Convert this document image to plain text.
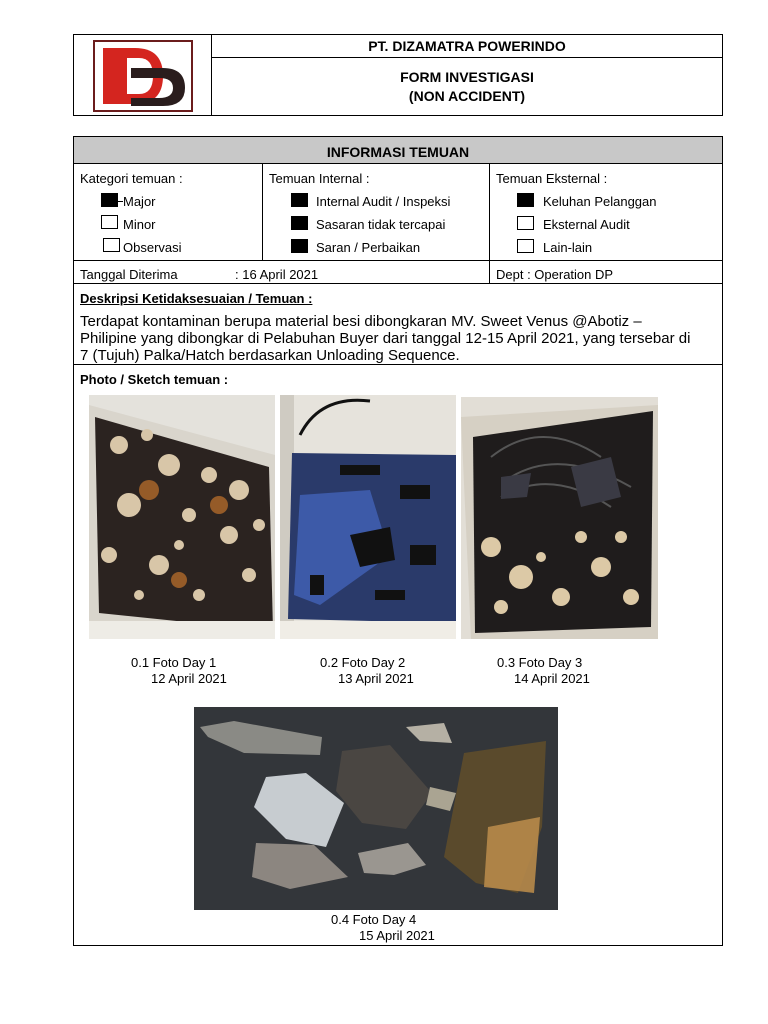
PT. DIZAMATRA POWERINDO
FORM INVESTIGASI
(NON ACCIDENT)
INFORMASI TEMUAN
Kategori temuan :
Major
Minor
Observasi
Temuan Internal :
Internal Audit / Inspeksi
Sasaran tidak tercapai
Saran / Perbaikan
Temuan Eksternal :
Keluhan Pelanggan
Eksternal Audit
Lain-lain
Tanggal Diterima	: 16 April 2021	Dept : Operation DP
Deskripsi Ketidaksesuaian / Temuan :
Terdapat kontaminan berupa material besi dibongkaran MV. Sweet Venus @Abotiz –
Philipine yang dibongkar di Pelabuhan Buyer dari tanggal 12-15 April 2021, yang tersebar di
7 (Tujuh) Palka/Hatch berdasarkan Unloading Sequence.
Photo / Sketch temuan :
0.1 Foto Day 1
12 April 2021
0.2 Foto Day 2
13 April 2021
0.3 Foto Day 3
14 April 2021
0.4 Foto Day 4
15 April 2021
